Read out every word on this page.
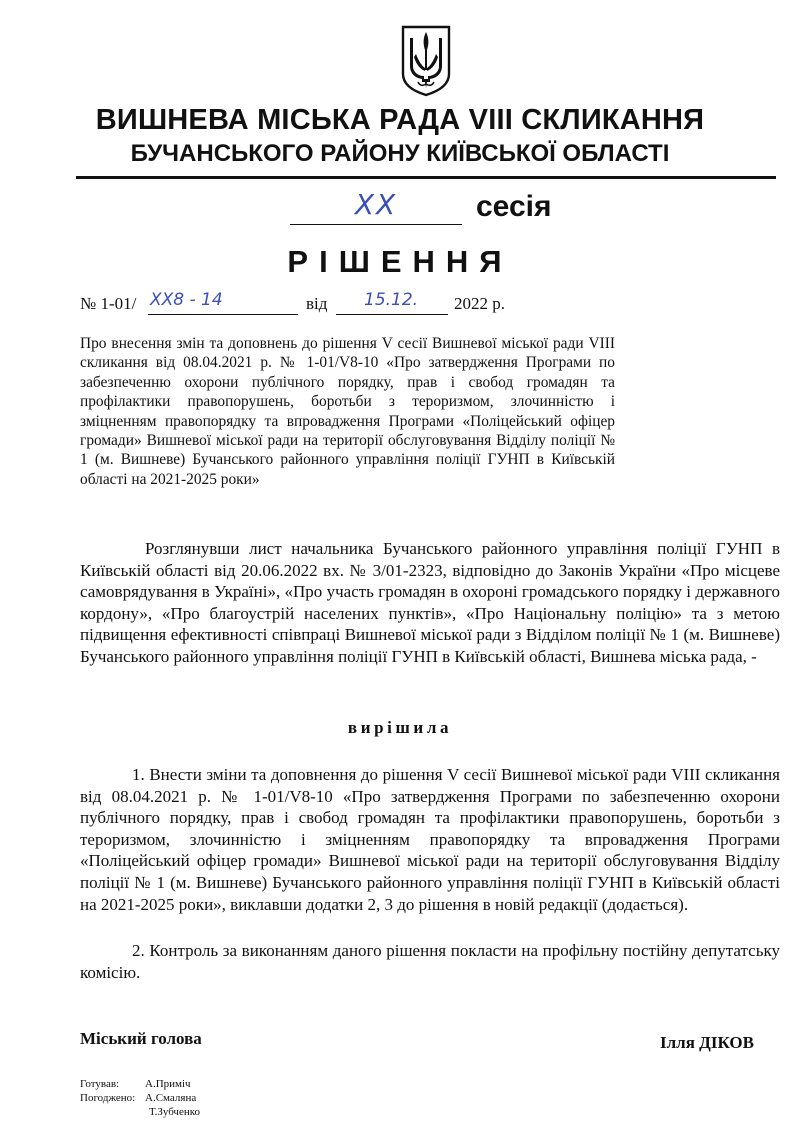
ВИШНЕВА МІСЬКА РАДА VIII СКЛИКАННЯ
БУЧАНСЬКОГО РАЙОНУ КИЇВСЬКОЇ ОБЛАСТІ
XX	сесія
РІШЕННЯ
№ 1-01/ XX8 - 14	від 15.12. 2022 р.

Про внесення змін та доповнень до рішення V сесії Вишневої міської ради VIII скликання від 08.04.2021 р. № 1-01/V8-10 «Про затвердження Програми по забезпеченню охорони публічного порядку, прав і свобод громадян та профілактики правопорушень, боротьби з тероризмом, злочинністю і зміцненням правопорядку та впровадження Програми «Поліцейський офіцер громади» Вишневої міської ради на території обслуговування Відділу поліції № 1 (м. Вишневе) Бучанського районного управління поліції ГУНП в Київській області на 2021-2025 роки»

Розглянувши лист начальника Бучанського районного управління поліції ГУНП в Київській області від 20.06.2022 вх. № 3/01-2323, відповідно до Законів України «Про місцеве самоврядування в Україні», «Про участь громадян в охороні громадського порядку і державного кордону», «Про благоустрій населених пунктів», «Про Національну поліцію» та з метою підвищення ефективності співпраці Вишневої міської ради з Відділом поліції № 1 (м. Вишневе) Бучанського районного управління поліції ГУНП в Київській області, Вишнева міська рада, -

вирішила

1. Внести зміни та доповнення до рішення V сесії Вишневої міської ради VIII скликання від 08.04.2021 р. № 1-01/V8-10 «Про затвердження Програми по забезпеченню охорони публічного порядку, прав і свобод громадян та профілактики правопорушень, боротьби з тероризмом, злочинністю і зміцненням правопорядку та впровадження Програми «Поліцейський офіцер громади» Вишневої міської ради на території обслуговування Відділу поліції № 1 (м. Вишневе) Бучанського районного управління поліції ГУНП в Київській області на 2021-2025 роки», виклавши додатки 2, 3 до рішення в новій редакції (додається).

2. Контроль за виконанням даного рішення покласти на профільну постійну депутатську комісію.

Міський голова	Ілля ДІКОВ
Готував: А.Приміч
Погоджено: А.Смаляна
Т.Зубченко
